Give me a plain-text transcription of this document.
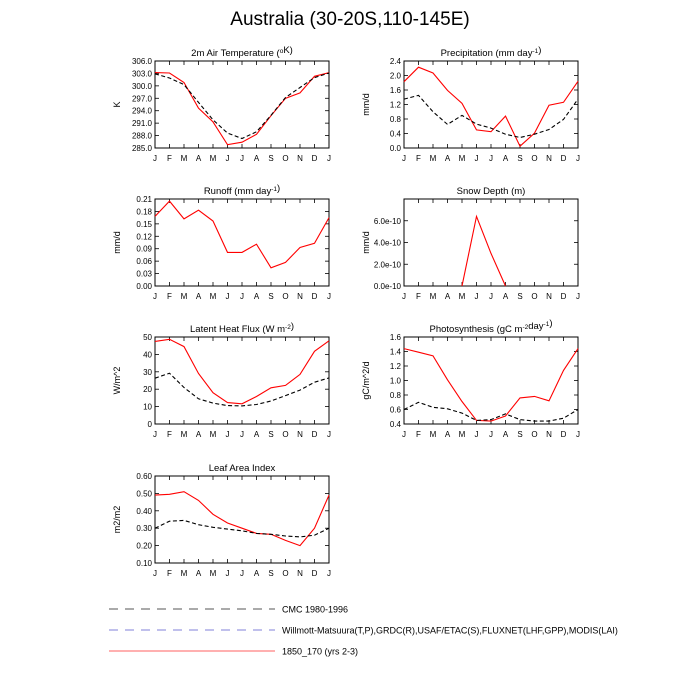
Australia (30-20S,110-145E)
2m Air Temperature ($^o$K)
K
285.0
288.0
291.0
294.0
297.0
300.0
303.0
306.0
J F M A M J J A S O N D J
Precipitation (mm day$^{-1}$)
mm/d
0.0
0.4
0.8
1.2
1.6
2.0
2.4
J F M A M J J A S O N D J
Runoff (mm day$^{-1}$)
mm/d
0.00
0.03
0.06
0.09
0.12
0.15
0.18
0.21
J F M A M J J A S O N D J
Snow Depth (m)
mm/d
0.0e-10
2.0e-10
4.0e-10
6.0e-10
J F M A M J J A S O N D J
Latent Heat Flux (W $m^{-2}$)
W/m^2
0
10
20
30
40
50
J F M A M J J A S O N D J
Photosynthesis (gC $m^{-2}day^{-1}$)
gC/m^2/d
0.4
0.6
0.8
1.0
1.2
1.4
1.6
J F M A M J J A S O N D J
Leaf Area Index
m2/m2
0.10
0.20
0.30
0.40
0.50
0.60
J F M A M J J A S O N D J
CMC 1980-1996
Willmott-Matsuura(T,P),GRDC(R),USAF/ETAC(S),FLUXNET(LHF,GPP),MODIS(LAI)
1850_170 (yrs 2-3)
